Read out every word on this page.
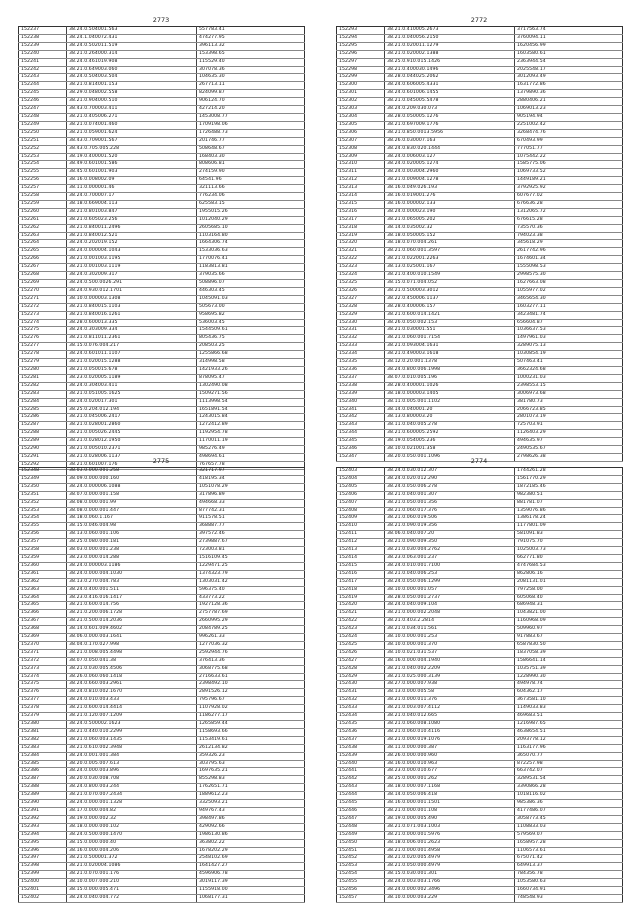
2773
152237	38.24.0.504001.563	557783.41
152238	38.24.1.040072.431	474277.95
152239	38.24.0.502011.519	396113.32
152240	38.21.0.264000.314	153398.65
152241	38.24.0.461019.908	115529.40
152242	38.21.0.649003.060	307078.36
152243	38.24.0.504003.504	104635.30
152244	38.21.0.814001.153	267713.11
152245	38.29.0.048002.558	824099.87
152246	38.21.0.904000.510	906124.70
152247	38.43.0.700003.411	427214.20
152248	38.21.0.405006.271	1453008.77
152249	38.21.0.074001.460	1709198.06
152250	38.21.0.059001.624	1726488.73
152251	38.43.0.709001.567	201746.77
152252	38.43.0.705.005.228	508648.67
152253	38.19.0.400001.520	168403.30
152254	38.49.0.601001.586	808606.81
152255	38.45.0.601001.903	274159.90
152256	38.16.0.008002.09	64541.96
152257	38.11.0.000001.46	321113.66
152258	38.24.0.700007.17	776234.06
152259	38.18.0.669004.113	625583.15
152260	38.21.0.801003.847	1955015.26
152261	38.21.0.605023.256	1012040.29
152262	38.21.0.840011.2496	2605685.10
152263	38.21.0.840012.521	1103164.80
152264	38.24.0.202019.152	1664306.74
152265	38.24.0.000004.1043	1533036.63
152266	38.21.0.001003.1195	1770076.41
152267	38.21.0.001003.1119	1183813.81
152268	38.24.0.302009.317	379035.66
152269	38.24.0.500.0026.291	508896.07
152270	38.24.0.930.012.1701	446303.45
152271	38.10.0.000003.1308	1045091.03
152272	38.21.0.840015.1103	505673.00
152273	38.21.0.840016.1261	958695.82
152274	38.28.0.600013.335	536003.45
152275	38.24.0.303009.334	1544509.61
152276	38.21.0.811011.2361	805436.75
152277	38.15.0.076.004.217	208503.25
152278	38.24.0.601011.1107	1255866.68
152279	38.21.0.020015.1288	314998.58
152280	38.21.0.050015.678	1421933.26
152281	38.23.0.020005.1189	878095.47
152282	38.24.0.304003.411	1302490.08
152283	38.21.0.051005.1625	1509271.56
152284	38.24.0.020017.301	1113998.54
152285	38.25.0.204.012.194	1651891.54
152286	38.21.0.045006.2417	1243015.84
152287	38.21.0.028001.2860	1272412.89
152288	38.21.0.005026.2445	1192954.78
152289	38.21.0.028012.1950	1170011.19
152290	38.21.0.005010.2371	985276.49
152291	38.21.0.028006.1137	498694.61
152292	38.21.0.601007.176	767657.78
2772
152293	38.21.0.410005.2673	3717563.74
152294	38.21.0.040056.2150	3760094.11
152295	38.21.0.020011.1279	1620456.99
152296	38.21.0.020002.1388	1603580.61
152297	38.25.0.910.015.1426	2363944.54
152298	38.21.0.400030.1496	2025548.17
152299	38.28.0.044025.2062	3012093.49
152300	38.24.0.606005.4331	1631772.86
152301	38.24.0.601006.1455	1379890.36
152302	38.21.0.045005.5478	2880406.21
152303	38.24.0.209.030.073	1069013.23
152304	38.28.0.050005.1276	905194.94
152305	38.21.0.697009.1776	2251002.42
152306	38.21.0.850.0013.5956	3268474.76
152307	38.26.0.030007.163	670493.99
152308	38.24.0.830.020.1444	777051.77
152309	38.24.0.006003.127	1075442.22
152310	38.24.0.020005.1274	1585775.06
152311	38.24.0.003004.2960	1069733.52
152312	38.21.0.009004.1278	1449189.21
152313	38.16.0.049.026.193	3792925.92
152314	38.16.0.019001.276	607677.02
152315	38.16.0.000002.133	676636.28
152316	38.24.0.000023.190	1312065.72
152317	38.21.0.065005.202	676615.28
152318	38.14.0.035002.32	735570.36
152319	38.18.0.050005.152	794023.38
152320	38.18.0.070.004.261	345618.29
152321	38.21.0.060.001.3597	2617742.96
152322	38.21.0.022001.2263	1674601.34
152323	38.13.0.025001.167	1555098.53
152324	38.21.0.400.010.1549	2998575.30
152325	38.15.0.071.004.052	1627663.08
152326	38.21.0.500003.3012	1055977.02
152327	38.22.0.450006.1137	3465654.30
152328	38.28.0.400006.157	1603277.11
152329	38.21.0.600.014.1421	3423481.74
152330	38.26.0.050.002.153	656604.87
152331	38.21.0.030001.551	1036637.53
152332	38.21.0.060.001.7154	1497961.03
152333	38.21.0.093004.1631	3289075.13
152334	38.21.0.490003.1618	1030854.19
152335	38.12.0.20.001.1378	507463.41
152336	38.24.0.800.006.1998	3662324.68
152337	38.07.0.010.005.196	1000231.03
152338	38.28.0.400001.1026	2398553.15
152339	38.18.0.000003.1405	3006973.68
152340	38.11.0.005.001.1102	381780.73
152341	38.14.0.040001.20	2066723.85
152342	38.13.0.800003.20	2801073.19
152343	38.11.0.040.005.278	725703.91
152344	38.21.0.600005.2592	1126403.29
152345	38.19.0.054005.236	494635.97
152346	38.10.0.021001.358	2490535.67
152347	38.20.0.050.001.1096	2798626.38
2775
152348	38.03.0.000.001.258	321717.97
152349	38.09.0.000.000.160	418195.34
152350	38.24.0.000006.1088	1051078.29
152351	38.07.0.000.001.158	317896.89
152352	38.08.0.000.001.99	494668.33
152353	38.08.0.000.001.447	877742.31
152354	38.18.0.060.1.167	911578.51
152355	38.15.0.046.004.98	368887.77
152356	38.13.0.060.001.106	397572.46
152357	38.25.0.080.000.181	2739887.67
152358	38.03.0.000.001.238	723003.81
152359	38.23.0.000.014.288	1516109.45
152360	38.24.0.000003.1186	1229471.25
152361	38.24.0.000.004.1030	1374323.79
152362	38.13.0.270.004.783	1303031.42
152363	38.24.0.400.001.511	596375.40
152364	38.23.0.416.016.1417	433773.22
152365	38.21.0.600.014.756	1927128.36
152366	38.21.0.200.006.1728	2757787.69
152367	38.21.0.500.014.2036	2660995.29
152368	38.14.0.601.009.4602	2084789.25
152369	38.06.0.000.003.1641	996261.33
152370	38.04.0.170.027.998	1277036.32
152371	38.21.0.008.005.4498	2592944.76
152372	38.07.0.050.041.38	376413.36
152373	38.21.0.030.005.4506	3068775.68
152374	38.26.0.060.060.1418	2716633.61
152375	38.24.0.660.003.2961	2398492.10
152376	38.24.0.810.002.1670	2891526.12
152377	38.24.0.010.003.433	795796.67
152378	38.21.0.600.014.4414	1107928.02
152379	38.21.0.120.007.1209	1186277.17
152380	38.24.0.500002.1623	1265859.44
152381	38.21.0.440.010.2299	1158693.66
152382	38.21.0.060.003.1435	1153419.61
152383	38.21.0.610.002.3948	2612134.82
152384	38.24.0.001.001.384	359326.23
152385	38.20.0.005.007.613	303795.63
152386	38.24.0.000.003.896	1697635.21
152387	38.20.0.030.008.708	855298.83
152388	38.24.0.800.003.244	1762651.71
152389	38.21.0.070.007.2434	1889612.23
152390	38.24.0.000.001.1328	3325093.21
152391	38.17.0.000.004.82	949767.43
152392	38.19.0.000.002.32	398497.86
152393	38.18.0.000.000.102	429092.66
152394	38.24.0.500.000.1470	1986130.86
152395	38.15.0.000.000.40	363802.22
152396	38.16.0.000.004.206	1678202.29
152397	38.21.0.500001.372	2548102.69
152398	38.21.0.020004.1086	1641427.27
152399	38.21.0.070.001.176	4596906.78
152400	38.10.0.007.000.210	3019117.39
152401	38.15.0.000.005.471	1155918.00
152402	38.24.0.040.004.772	1068177.31
2774
152403	38.24.0.030.012.307	1744261.28
152404	38.24.0.020.012.290	1561770.29
152405	38.24.0.050.006.278	1872185.46
152406	38.21.0.040.001.307	982380.51
152407	38.21.0.050.001.356	881781.07
152408	38.21.0.060.017.376	1359076.86
152409	38.21.0.060.019.506	1386178.24
152410	38.21.0.090.019.356	1177801.09
152411	38.06.0.040.007.20	581091.83
152412	38.21.0.090.009.350	791075.70
152413	38.21.0.030.004.2762	1025003.73
152414	38.23.0.063.001.237	662771.80
152415	38.24.0.010.001.7100	4747684.53
152416	38.21.0.040.006.253	862806.16
152417	38.24.0.050.006.1299	2081131.01
152418	38.10.0.000.001.057	797258.00
152419	38.28.0.050.001.2737	605068.40
152420	38.24.0.040.009.104	686948.31
152421	38.21.0.000.002.2048	1043821.00
152422	38.21.0.403.2.2814	1160968.09
152423	38.21.0.034.011.561	509960.97
152424	38.10.0.000.001.253	917883.67
152425	38.10.0.000.001.370	6587830.50
152426	38.10.0.021.031.537	1837058.39
152427	38.16.0.000.004.1940	1586641.14
152428	38.21.0.040.002.2209	1035751.39
152429	38.21.0.025.000.3139	1228990.30
152430	38.27.0.000.007.938	494978.74
152431	38.13.0.000.005.58	604362.17
152432	38.21.0.000.011.376	3673581.10
152433	38.21.0.003.007.4112	1149033.83
152434	38.21.0.040.012.665	469683.51
152435	38.21.0.060.008.1080	1216987.65
152436	38.21.0.060.010.4116	4638654.51
152437	38.21.0.000.019.1076	2093778.12
152438	38.11.0.000.000.387	1163177.96
152439	38.26.0.000.000.960	365070.77
152440	38.16.0.000.010.963	872257.98
152441	38.23.0.000.010.677	663742.07
152442	38.25.0.000.001.262	3289531.54
152443	38.18.0.000.007.1168	3390866.28
152444	38.14.0.050.006.418	1018116.02
152445	38.16.0.000.001.1501	985386.36
152446	38.21.0.000.001.108	4177486.07
152447	38.19.0.000.005.490	3058773.45
152448	38.21.0.071.003.1003	1108833.03
152449	38.21.0.000.001.5976	579569.07
152450	38.18.0.006.001.2623	1658957.28
152451	38.21.0.000.001.4958	1106573.61
152452	38.21.0.020.005.4979	675071.42
152453	38.21.0.050.000.4979	649913.37
152454	38.15.0.030.001.301	784356.78
152455	38.24.0.003.003.1766	1053580.63
152456	38.24.0.000.002.3496	1660734.91
152457	38.10.0.000.003.229	748548.93
